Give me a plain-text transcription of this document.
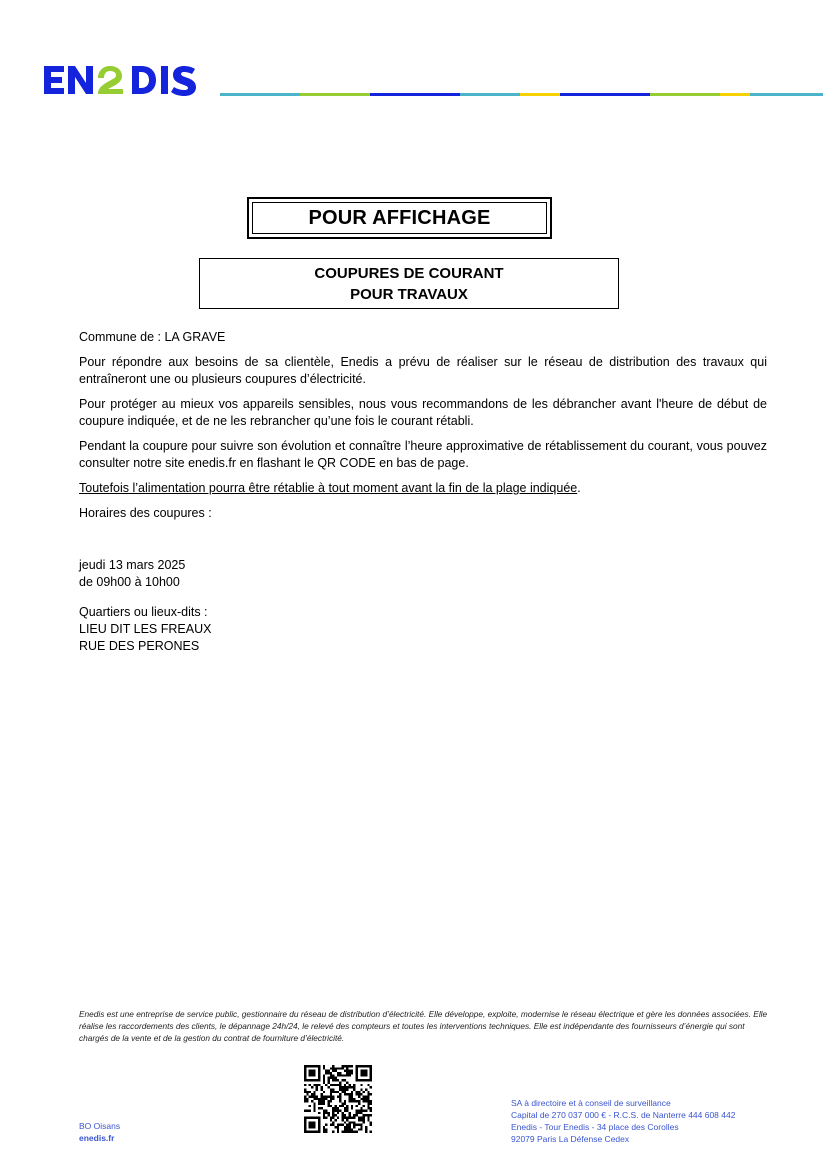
POUR AFFICHAGE
COUPURES DE COURANT
POUR TRAVAUX

Commune de : LA GRAVE

Pour répondre aux besoins de sa clientèle, Enedis a prévu de réaliser sur le réseau de distribution des travaux qui entraîneront une ou plusieurs coupures d’électricité.

Pour protéger au mieux vos appareils sensibles, nous vous recommandons de les débrancher avant l'heure de début de coupure indiquée, et de ne les rebrancher qu’une fois le courant rétabli.

Pendant la coupure pour suivre son évolution et connaître l’heure approximative de rétablissement du courant, vous pouvez consulter notre site enedis.fr en flashant le QR CODE en bas de page.

Toutefois l’alimentation pourra être rétablie à tout moment avant la fin de la plage indiquée.

Horaires des coupures :

jeudi 13 mars 2025
de 09h00 à 10h00
Quartiers ou lieux-dits :
LIEU DIT LES FREAUX
RUE DES PERONES
Enedis est une entreprise de service public, gestionnaire du réseau de distribution d’électricité. Elle développe, exploite, modernise le réseau électrique et gère les données associées. Elle réalise les raccordements des clients, le dépannage 24h/24, le relevé des compteurs et toutes les interventions techniques. Elle est indépendante des fournisseurs d’énergie qui sont chargés de la vente et de la gestion du contrat de fourniture d’électricité.
BO Oisans
enedis.fr
SA à directoire et à conseil de surveillance
Capital de 270 037 000 € - R.C.S. de Nanterre 444 608 442
Enedis - Tour Enedis - 34 place des Corolles
92079 Paris La Défense Cedex
